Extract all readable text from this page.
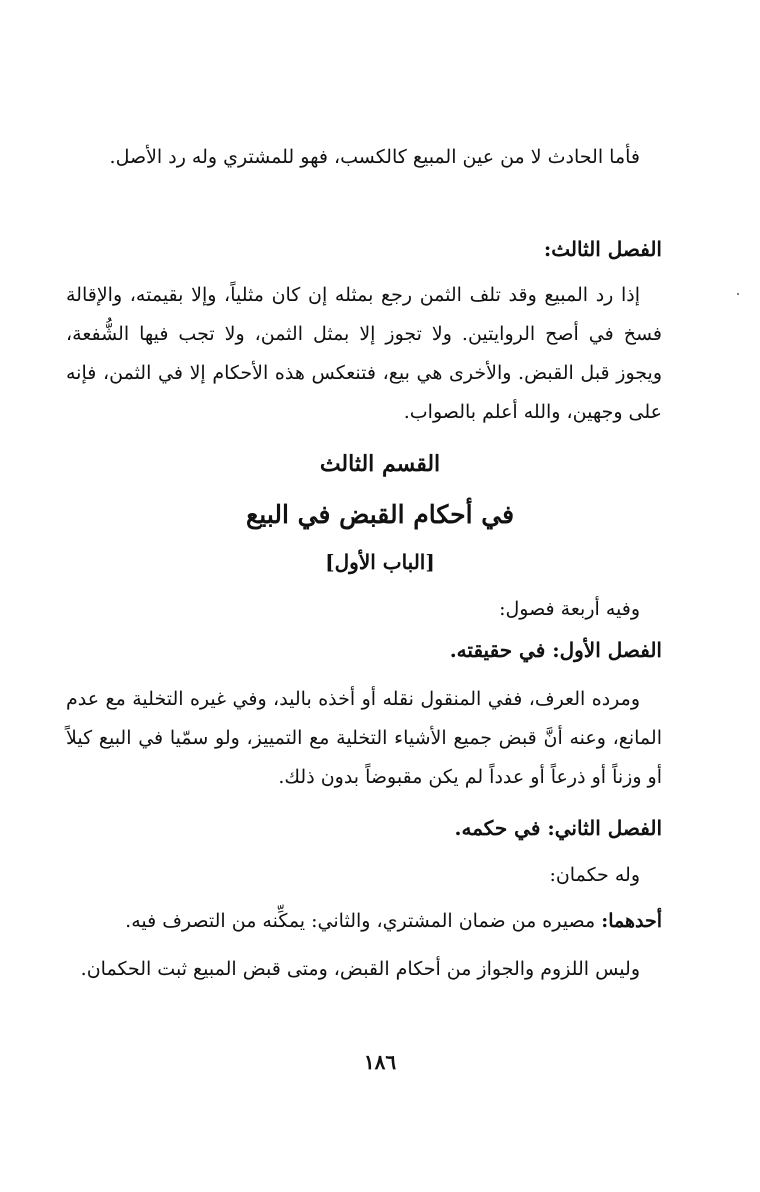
فأما الحادث لا من عين المبيع كالكسب، فهو للمشتري وله رد الأصل.

الفصل الثالث:

إذا رد المبيع وقد تلف الثمن رجع بمثله إن كان مثلياً، وإلا بقيمته، والإقالة فسخ في أصح الروايتين. ولا تجوز إلا بمثل الثمن، ولا تجب فيها الشُّفعة، ويجوز قبل القبض. والأخرى هي بيع، فتنعكس هذه الأحكام إلا في الثمن، فإنه على وجهين، والله أعلم بالصواب.

القسم الثالث

في أحكام القبض في البيع

[الباب الأول]

وفيه أربعة فصول:

الفصل الأول: في حقيقته.

ومرده العرف، ففي المنقول نقله أو أخذه باليد، وفي غيره التخلية مع عدم المانع، وعنه أنَّ قبض جميع الأشياء التخلية مع التمييز، ولو سمّيا في البيع كيلاً أو وزناً أو ذرعاً أو عدداً لم يكن مقبوضاً بدون ذلك.

الفصل الثاني: في حكمه.

وله حكمان:

أحدهما: مصيره من ضمان المشتري، والثاني: يمكِّنه من التصرف فيه.

وليس اللزوم والجواز من أحكام القبض، ومتى قبض المبيع ثبت الحكمان.

١٨٦
